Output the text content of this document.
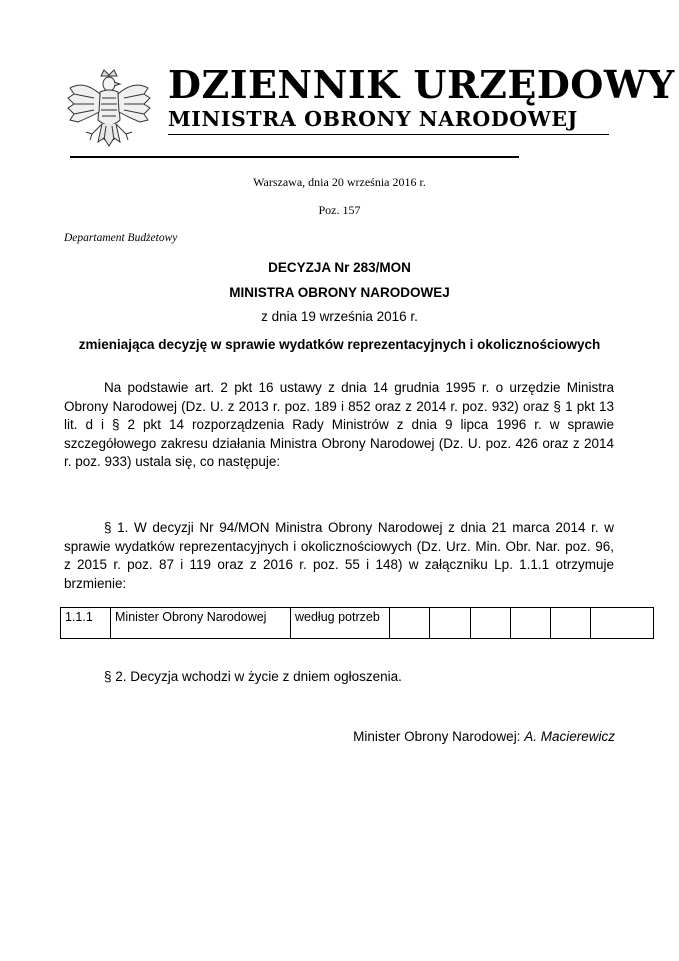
DZIENNIK URZĘDOWY
MINISTRA OBRONY NARODOWEJ
Warszawa, dnia 20 września 2016 r.
Poz. 157
Departament Budżetowy
DECYZJA Nr 283/MON
MINISTRA OBRONY NARODOWEJ
z dnia 19 września 2016 r.
zmieniająca decyzję w sprawie wydatków reprezentacyjnych i okolicznościowych
Na podstawie art. 2 pkt 16 ustawy z dnia 14 grudnia 1995 r. o urzędzie Ministra Obrony Narodowej (Dz. U. z 2013 r. poz. 189 i 852 oraz z 2014 r. poz. 932) oraz § 1 pkt 13 lit. d i § 2 pkt 14 rozporządzenia Rady Ministrów z dnia 9 lipca 1996 r. w sprawie szczegółowego zakresu działania Ministra Obrony Narodowej (Dz. U. poz. 426 oraz z 2014 r. poz. 933) ustala się, co następuje:
§ 1. W decyzji Nr 94/MON Ministra Obrony Narodowej z dnia 21 marca 2014 r. w sprawie wydatków reprezentacyjnych i okolicznościowych (Dz. Urz. Min. Obr. Nar. poz. 96, z 2015 r. poz. 87 i 119 oraz z 2016 r. poz. 55 i 148) w załączniku Lp. 1.1.1 otrzymuje brzmienie:
1.1.1	Minister Obrony Narodowej	według potrzeb						
§ 2. Decyzja wchodzi w życie z dniem ogłoszenia.
Minister Obrony Narodowej: A. Macierewicz
